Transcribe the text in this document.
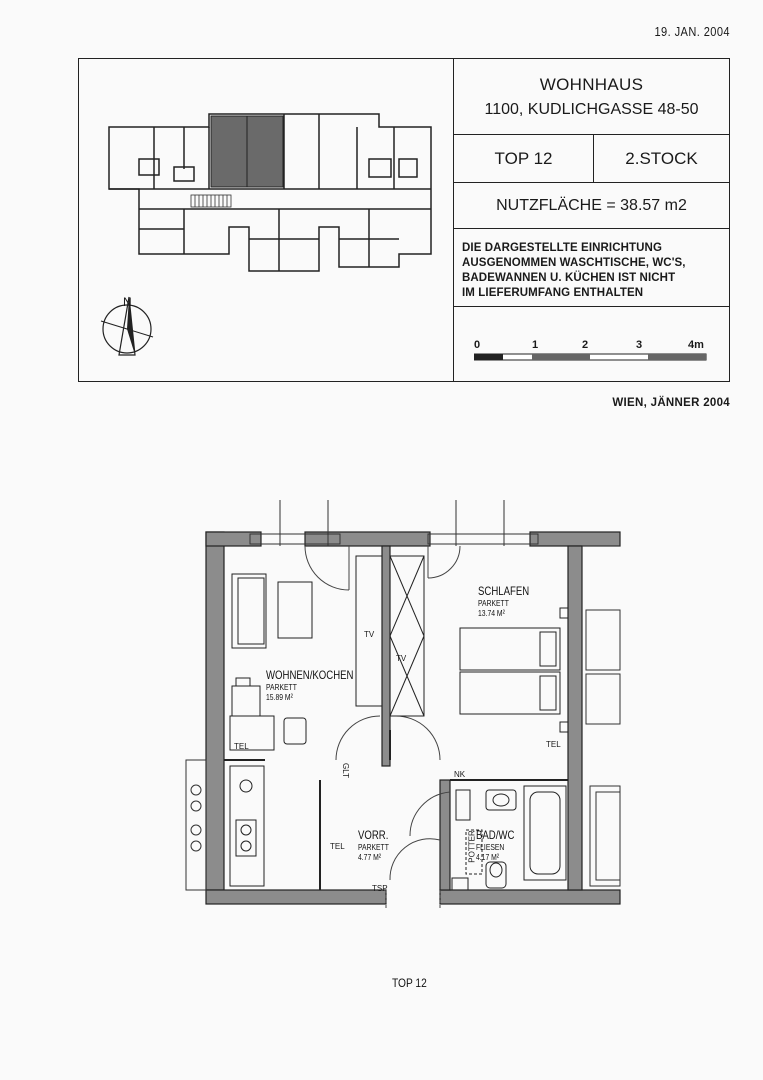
19. JAN. 2004
N
WOHNHAUS
1100, KUDLICHGASSE 48-50
TOP 12	2.STOCK
NUTZFLÄCHE = 38.57 m2
DIE DARGESTELLTE EINRICHTUNG
AUSGENOMMEN WASCHTISCHE, WC'S,
BADEWANNEN U. KÜCHEN IST NICHT
IM LIEFERUMFANG ENTHALTEN
0	1	2	3	4m
WIEN, JÄNNER 2004
WOHNEN/KOCHEN
PARKETT
15.89 M²
SCHLAFEN
PARKETT
13.74 M²
VORR.
PARKETT
4.77 M²
BAD/WC
FLIESEN
4.17 M²
TEL	TEL
TEL
TV
TV
GLT	NK
POTTER
TSP
TOP 12
